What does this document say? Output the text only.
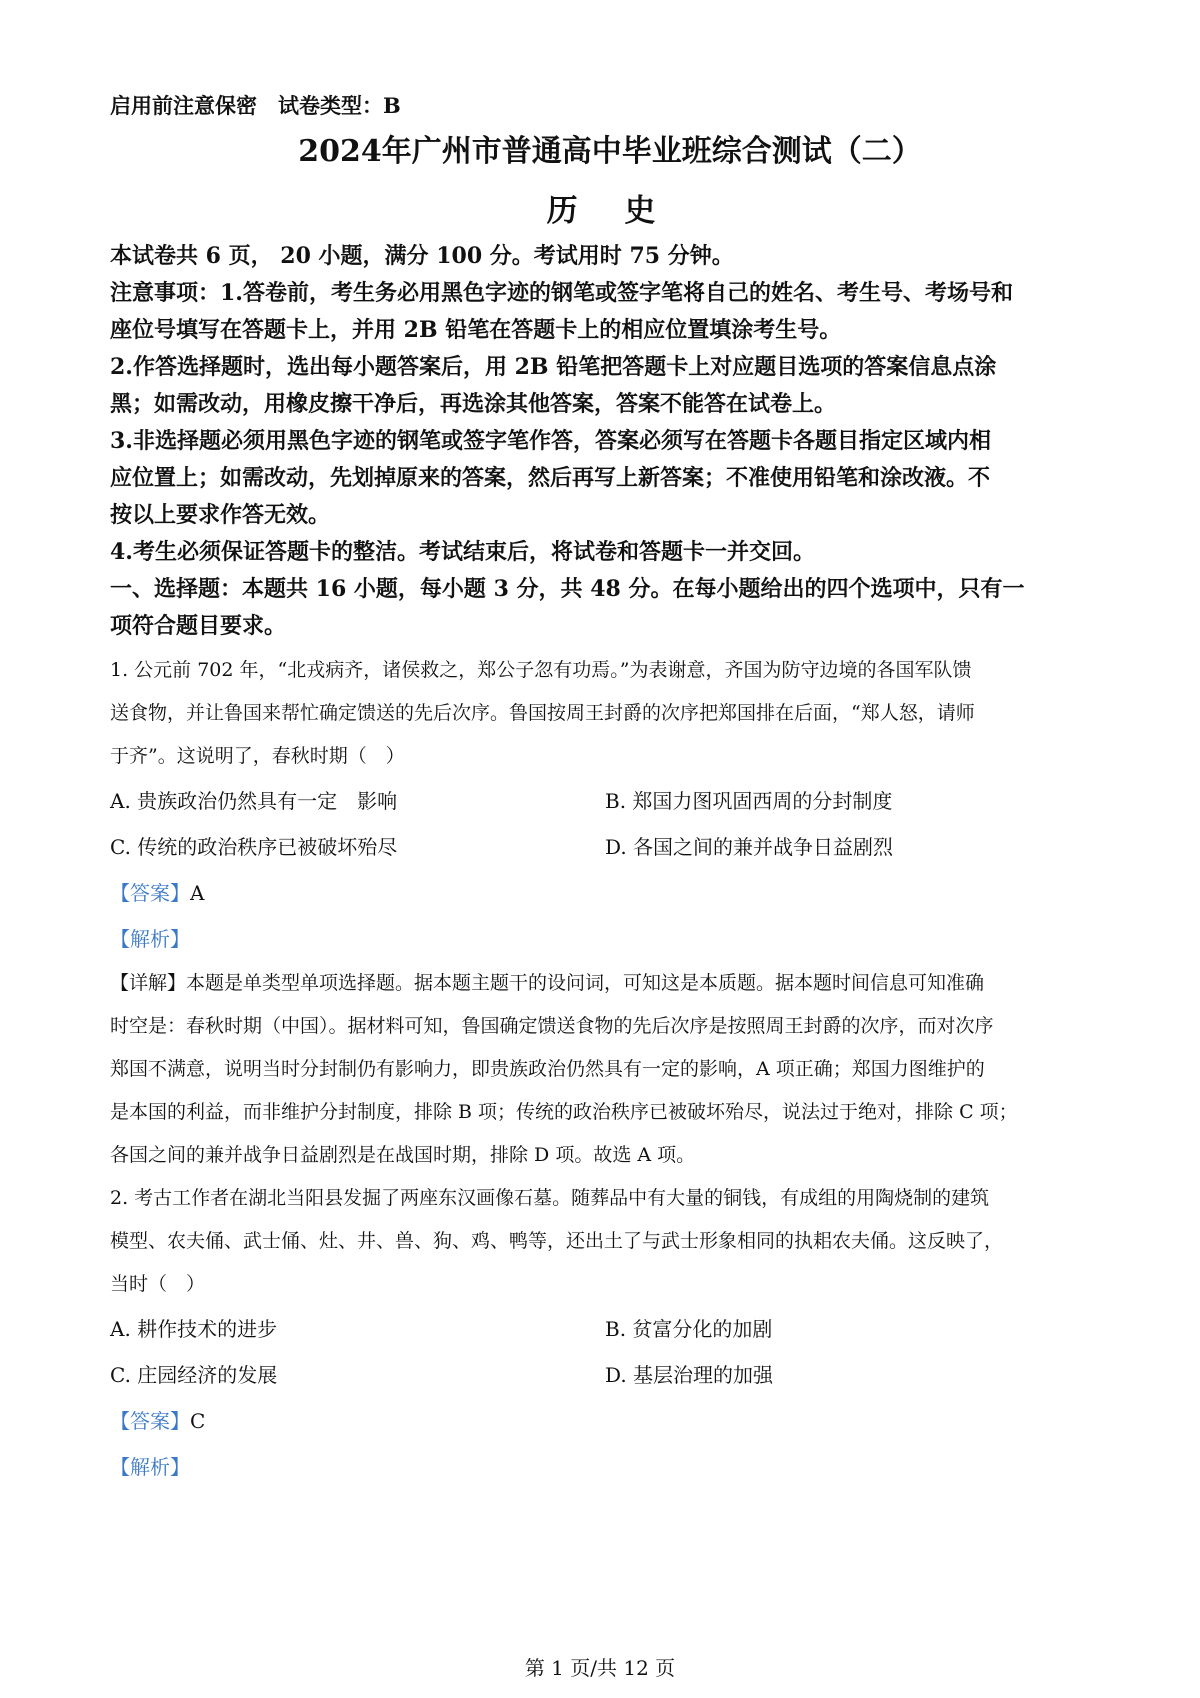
启用前注意保密　试卷类型：B
2024年广州市普通高中毕业班综合测试（二）
历 史
本试卷共 6 页， 20 小题，满分 100 分。考试用时 75 分钟。
注意事项：1.答卷前，考生务必用黑色字迹的钢笔或签字笔将自己的姓名、考生号、考场号和
座位号填写在答题卡上，并用 2B 铅笔在答题卡上的相应位置填涂考生号。
2.作答选择题时，选出每小题答案后，用 2B 铅笔把答题卡上对应题目选项的答案信息点涂
黑；如需改动，用橡皮擦干净后，再选涂其他答案，答案不能答在试卷上。
3.非选择题必须用黑色字迹的钢笔或签字笔作答，答案必须写在答题卡各题目指定区域内相
应位置上；如需改动，先划掉原来的答案，然后再写上新答案；不准使用铅笔和涂改液。不
按以上要求作答无效。
4.考生必须保证答题卡的整洁。考试结束后，将试卷和答题卡一并交回。
一、选择题：本题共 16 小题，每小题 3 分，共 48 分。在每小题给出的四个选项中，只有一
项符合题目要求。
1. 公元前 702 年，“北戎病齐，诸侯救之，郑公子忽有功焉。”为表谢意，齐国为防守边境的各国军队馈
送食物，并让鲁国来帮忙确定馈送的先后次序。鲁国按周王封爵的次序把郑国排在后面，“郑人怒，请师
于齐”。这说明了，春秋时期（　）
A. 贵族政治仍然具有一定　影响	B. 郑国力图巩固西周的分封制度
C. 传统的政治秩序已被破坏殆尽	D. 各国之间的兼并战争日益剧烈
【答案】A
【解析】
【详解】本题是单类型单项选择题。据本题主题干的设问词，可知这是本质题。据本题时间信息可知准确
时空是：春秋时期（中国）。据材料可知，鲁国确定馈送食物的先后次序是按照周王封爵的次序，而对次序
郑国不满意，说明当时分封制仍有影响力，即贵族政治仍然具有一定的影响，A 项正确；郑国力图维护的
是本国的利益，而非维护分封制度，排除 B 项；传统的政治秩序已被破坏殆尽，说法过于绝对，排除 C 项；
各国之间的兼并战争日益剧烈是在战国时期，排除 D 项。故选 A 项。
2. 考古工作者在湖北当阳县发掘了两座东汉画像石墓。随葬品中有大量的铜钱，有成组的用陶烧制的建筑
模型、农夫俑、武士俑、灶、井、兽、狗、鸡、鸭等，还出土了与武士形象相同的执耜农夫俑。这反映了，
当时（　）
A. 耕作技术的进步	B. 贫富分化的加剧
C. 庄园经济的发展	D. 基层治理的加强
【答案】C
【解析】
第 1 页/共 12 页
